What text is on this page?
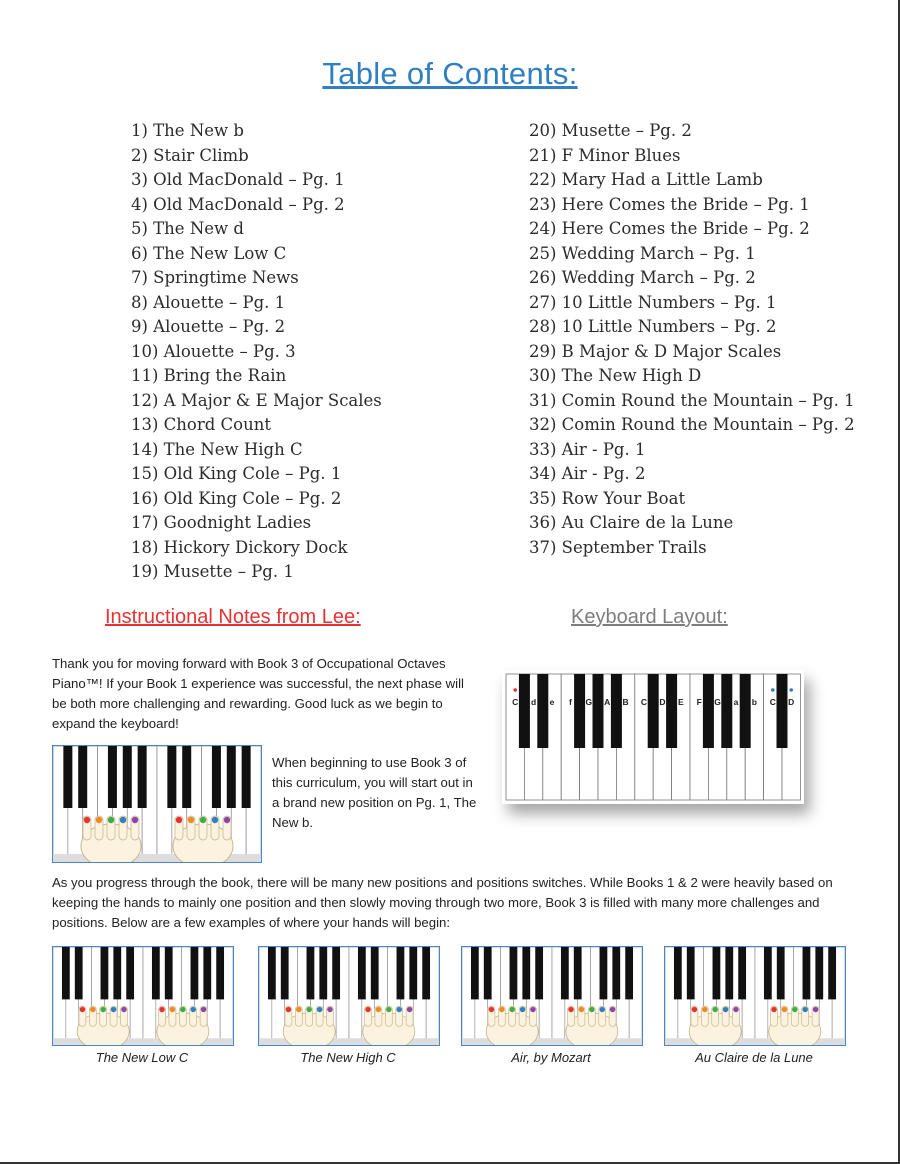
Table of Contents:
1) The New b
2) Stair Climb
3) Old MacDonald – Pg. 1
4) Old MacDonald – Pg. 2
5) The New d
6) The New Low C
7) Springtime News
8) Alouette – Pg. 1
9) Alouette – Pg. 2
10) Alouette – Pg. 3
11) Bring the Rain
12) A Major & E Major Scales
13) Chord Count
14) The New High C
15) Old King Cole – Pg. 1
16) Old King Cole – Pg. 2
17) Goodnight Ladies
18) Hickory Dickory Dock
19) Musette – Pg. 1
20) Musette – Pg. 2
21) F Minor Blues
22) Mary Had a Little Lamb
23) Here Comes the Bride – Pg. 1
24) Here Comes the Bride – Pg. 2
25) Wedding March – Pg. 1
26) Wedding March – Pg. 2
27) 10 Little Numbers – Pg. 1
28) 10 Little Numbers – Pg. 2
29) B Major & D Major Scales
30) The New High D
31) Comin Round the Mountain – Pg. 1
32) Comin Round the Mountain – Pg. 2
33) Air - Pg. 1
34) Air - Pg. 2
35) Row Your Boat
36) Au Claire de la Lune
37) September Trails
Instructional Notes from Lee:	Keyboard Layout:

Thank you for moving forward with Book 3 of Occupational Octaves Piano™! If your Book 1 experience was successful, the next phase will be both more challenging and rewarding. Good luck as we begin to expand the keyboard!

When beginning to use Book 3 of this curriculum, you will start out in a brand new position on Pg. 1, The New b.

C d e f G A B C D E F G a b C D

As you progress through the book, there will be many new positions and positions switches. While Books 1 & 2 were heavily based on keeping the hands to mainly one position and then slowly moving through two more, Book 3 is filled with many more challenges and positions. Below are a few examples of where your hands will begin:

The New Low C	The New High C	Air, by Mozart	Au Claire de la Lune
